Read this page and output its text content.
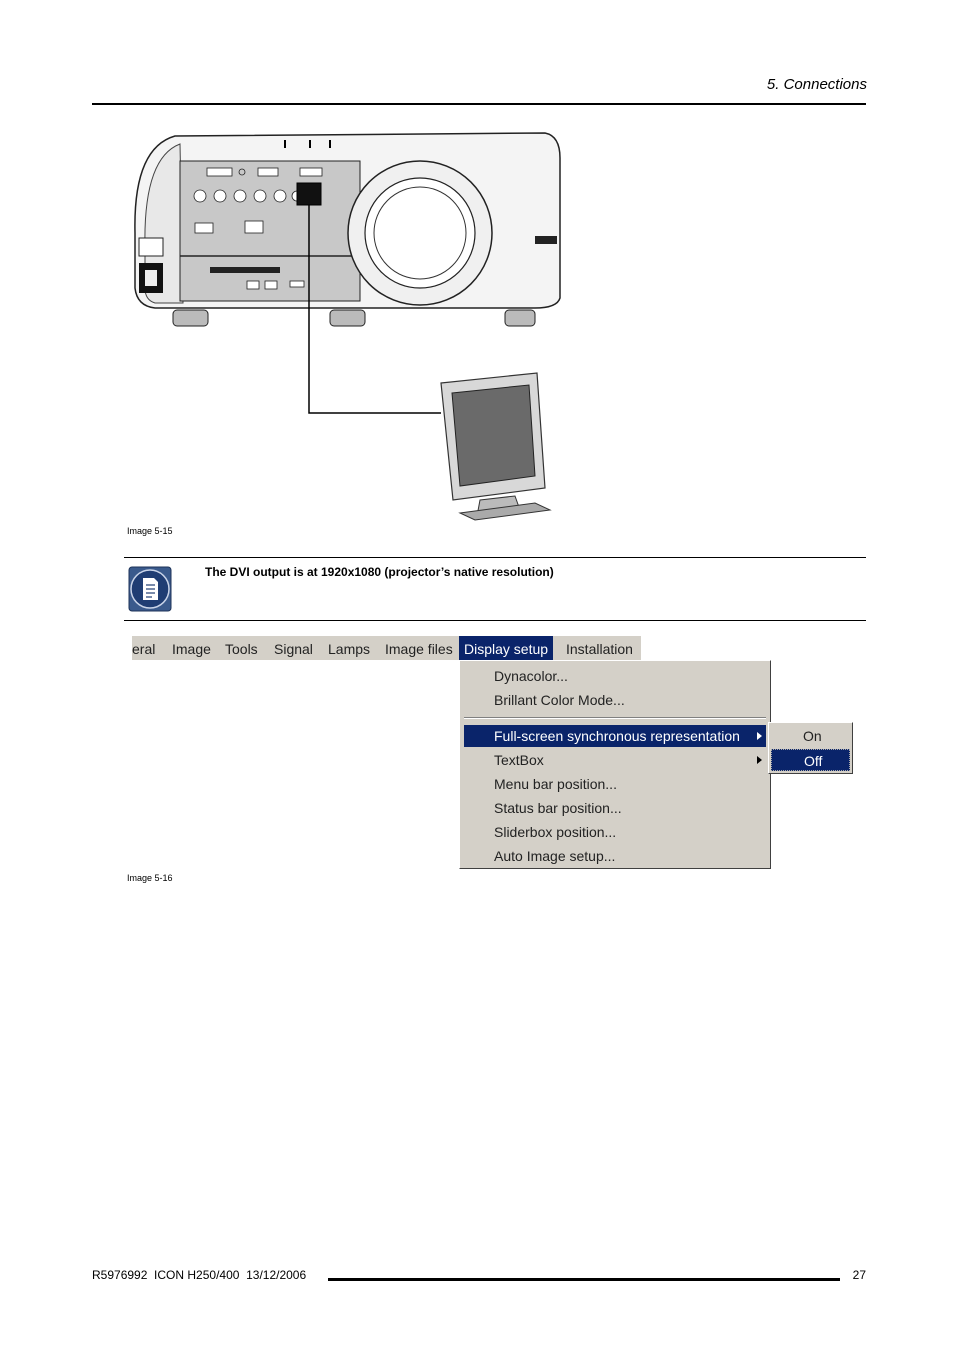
5. Connections
Image 5-15
The DVI output is at 1920x1080 (projector’s native resolution)
eral Image Tools Signal Lamps Image files Display setup	Installation
Dynacolor...
Brillant Color Mode...
Full-screen synchronous representation
TextBox
Menu bar position...
Status bar position...
Sliderbox position...
Auto Image setup...
On
Off
Image 5-16
R5976992  ICON H250/400  13/12/2006	27
